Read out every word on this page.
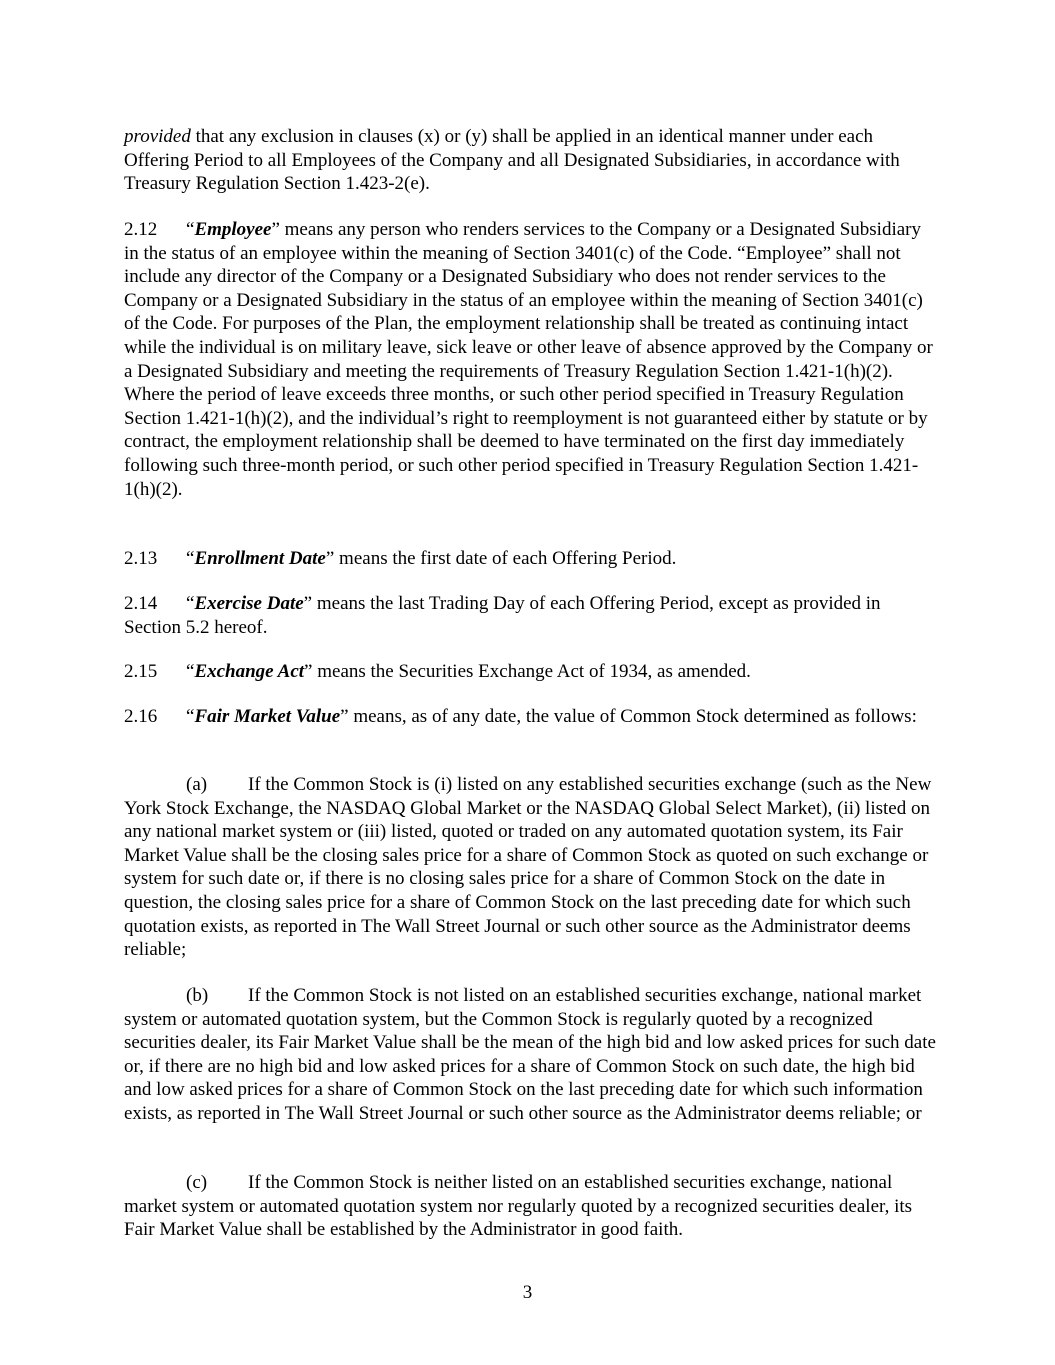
provided that any exclusion in clauses (x) or (y) shall be applied in an identical manner under each Offering Period to all Employees of the Company and all Designated Subsidiaries, in accordance with Treasury Regulation Section 1.423-2(e).

2.12 “Employee” means any person who renders services to the Company or a Designated Subsidiary in the status of an employee within the meaning of Section 3401(c) of the Code. “Employee” shall not include any director of the Company or a Designated Subsidiary who does not render services to the Company or a Designated Subsidiary in the status of an employee within the meaning of Section 3401(c) of the Code. For purposes of the Plan, the employment relationship shall be treated as continuing intact while the individual is on military leave, sick leave or other leave of absence approved by the Company or a Designated Subsidiary and meeting the requirements of Treasury Regulation Section 1.421-1(h)(2). Where the period of leave exceeds three months, or such other period specified in Treasury Regulation Section 1.421-1(h)(2), and the individual’s right to reemployment is not guaranteed either by statute or by contract, the employment relationship shall be deemed to have terminated on the first day immediately following such three-month period, or such other period specified in Treasury Regulation Section 1.421-1(h)(2).

2.13 “Enrollment Date” means the first date of each Offering Period.

2.14 “Exercise Date” means the last Trading Day of each Offering Period, except as provided in Section 5.2 hereof.

2.15 “Exchange Act” means the Securities Exchange Act of 1934, as amended.

2.16 “Fair Market Value” means, as of any date, the value of Common Stock determined as follows:

(a) If the Common Stock is (i) listed on any established securities exchange (such as the New York Stock Exchange, the NASDAQ Global Market or the NASDAQ Global Select Market), (ii) listed on any national market system or (iii) listed, quoted or traded on any automated quotation system, its Fair Market Value shall be the closing sales price for a share of Common Stock as quoted on such exchange or system for such date or, if there is no closing sales price for a share of Common Stock on the date in question, the closing sales price for a share of Common Stock on the last preceding date for which such quotation exists, as reported in The Wall Street Journal or such other source as the Administrator deems reliable;

(b) If the Common Stock is not listed on an established securities exchange, national market system or automated quotation system, but the Common Stock is regularly quoted by a recognized securities dealer, its Fair Market Value shall be the mean of the high bid and low asked prices for such date or, if there are no high bid and low asked prices for a share of Common Stock on such date, the high bid and low asked prices for a share of Common Stock on the last preceding date for which such information exists, as reported in The Wall Street Journal or such other source as the Administrator deems reliable; or

(c) If the Common Stock is neither listed on an established securities exchange, national market system or automated quotation system nor regularly quoted by a recognized securities dealer, its Fair Market Value shall be established by the Administrator in good faith.

3
